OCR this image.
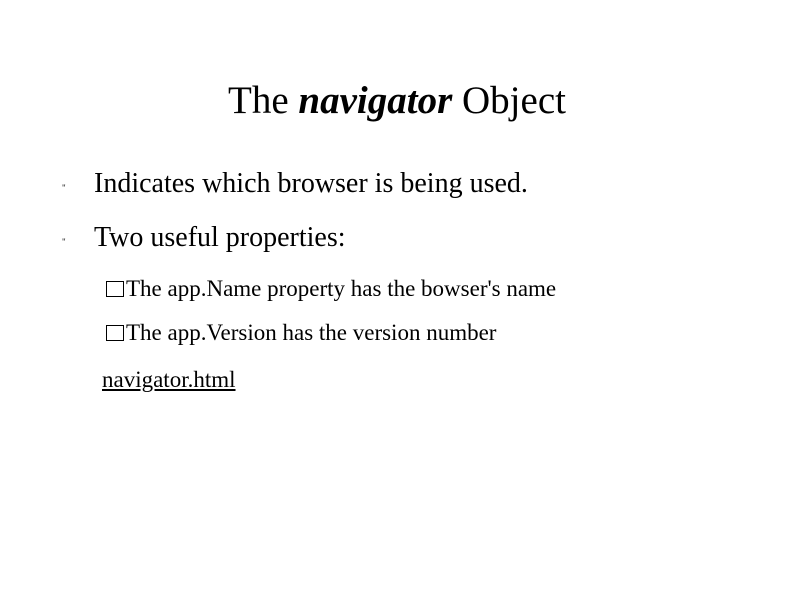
The navigator Object
" Indicates which browser is being used.
" Two useful properties:
The app.Name property has the bowser's name
The app.Version has the version number
navigator.html
